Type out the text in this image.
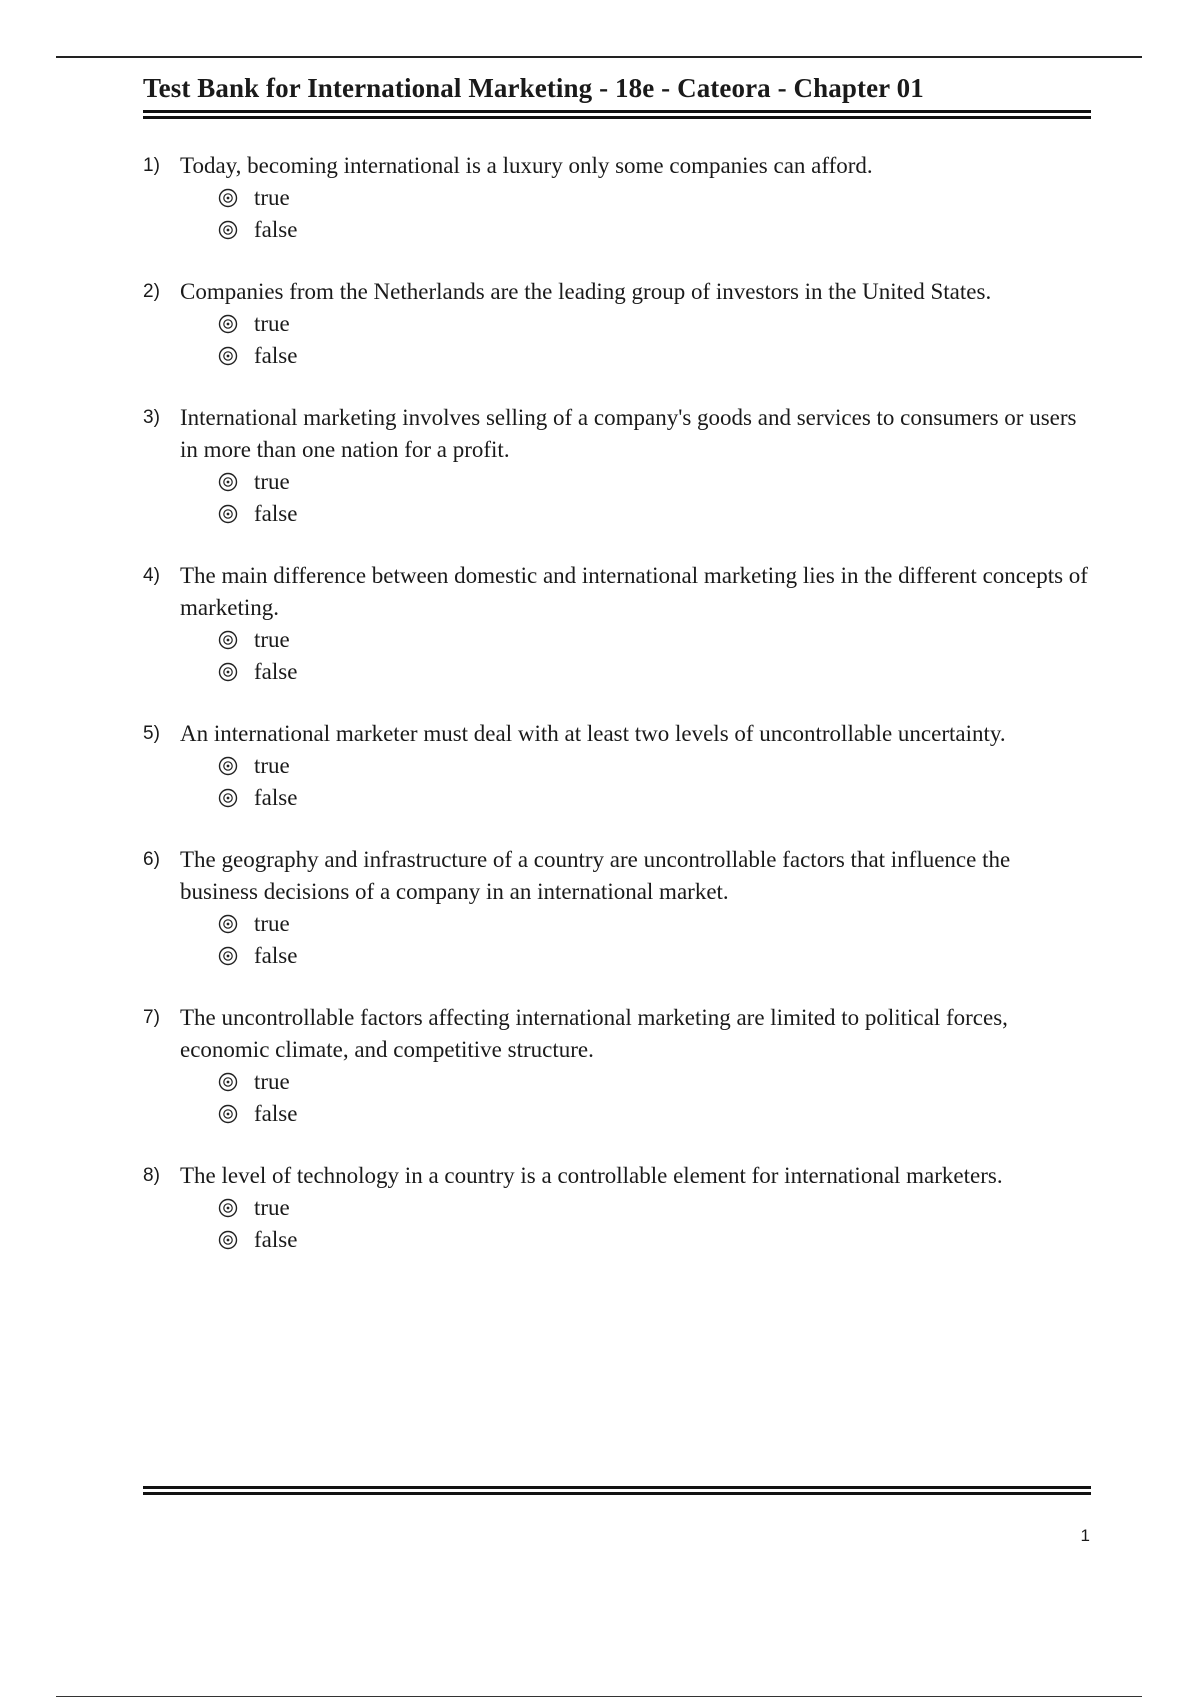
Test Bank for International Marketing - 18e - Cateora - Chapter 01
1) Today, becoming international is a luxury only some companies can afford.
true
false
2) Companies from the Netherlands are the leading group of investors in the United States.
true
false
3) International marketing involves selling of a company's goods and services to consumers or users in more than one nation for a profit.
true
false
4) The main difference between domestic and international marketing lies in the different concepts of marketing.
true
false
5) An international marketer must deal with at least two levels of uncontrollable uncertainty.
true
false
6) The geography and infrastructure of a country are uncontrollable factors that influence the business decisions of a company in an international market.
true
false
7) The uncontrollable factors affecting international marketing are limited to political forces, economic climate, and competitive structure.
true
false
8) The level of technology in a country is a controllable element for international marketers.
true
false
1
